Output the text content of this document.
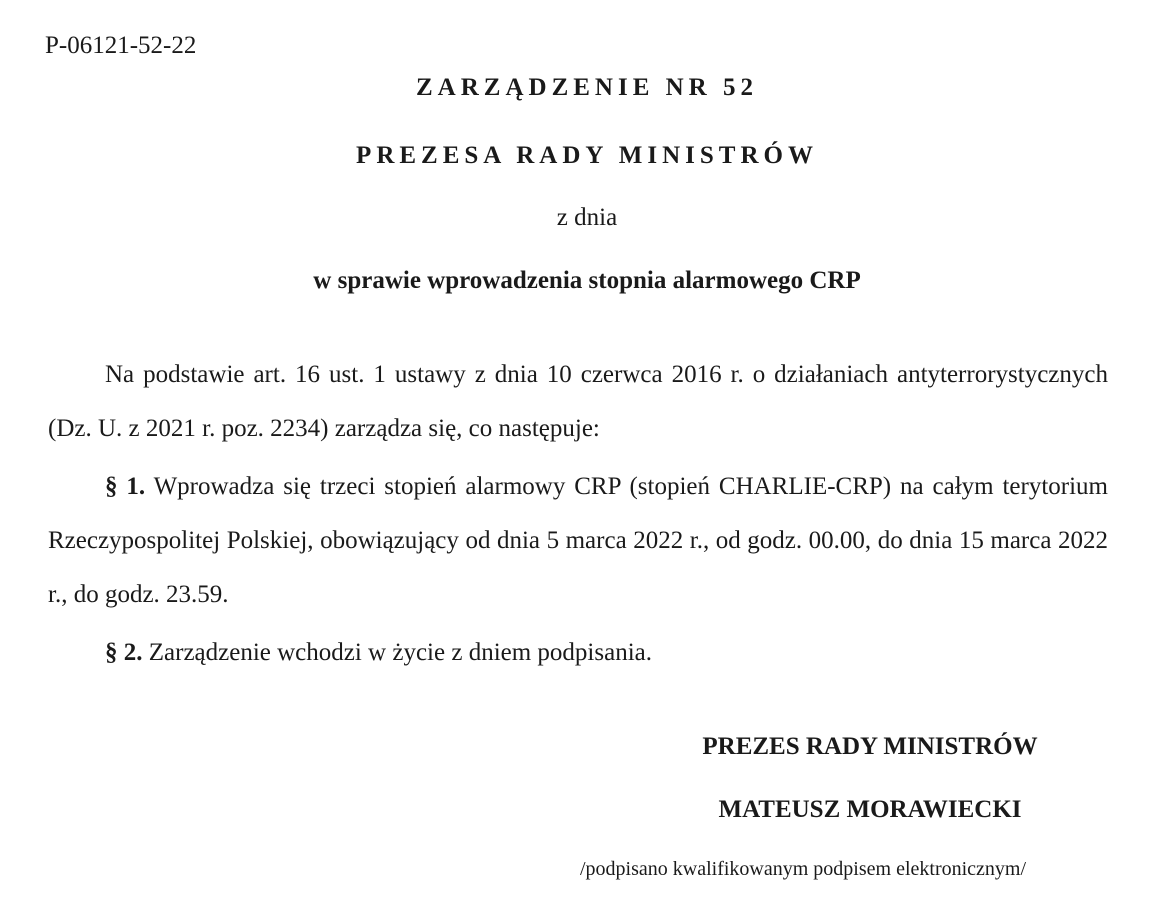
P-06121-52-22
ZARZĄDZENIE NR 52
PREZESA RADY MINISTRÓW
z dnia
w sprawie wprowadzenia stopnia alarmowego CRP
Na podstawie art. 16 ust. 1 ustawy z dnia 10 czerwca 2016 r. o działaniach antyterrorystycznych (Dz. U. z 2021 r. poz. 2234) zarządza się, co następuje:
§ 1. Wprowadza się trzeci stopień alarmowy CRP (stopień CHARLIE-CRP) na całym terytorium Rzeczypospolitej Polskiej, obowiązujący od dnia 5 marca 2022 r., od godz. 00.00, do dnia 15 marca 2022 r., do godz. 23.59.
§ 2. Zarządzenie wchodzi w życie z dniem podpisania.
PREZES RADY MINISTRÓW
MATEUSZ MORAWIECKI
/podpisano kwalifikowanym podpisem elektronicznym/
